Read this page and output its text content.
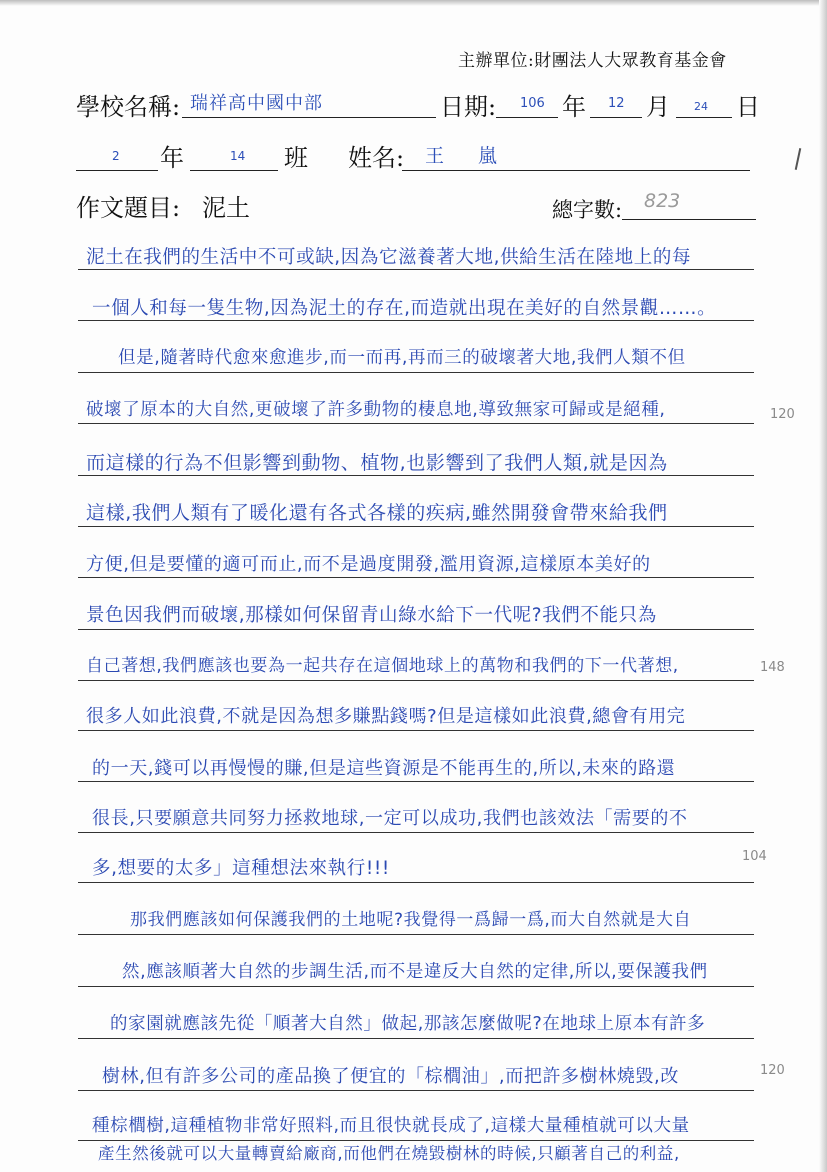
主辦單位:財團法人大眾教育基金會
學校名稱: 瑞祥高中國中部	日期: 106 年 12 月 24 日
2 年	14 班 姓名: 王 嵐
作文題目: 泥土	總字數: 823
泥土在我們的生活中不可或缺,因為它滋養著大地,供給生活在陸地上的每
一個人和每一隻生物,因為泥土的存在,而造就出現在美好的自然景觀……。
但是,隨著時代愈來愈進步,而一而再,再而三的破壞著大地,我們人類不但
破壞了原本的大自然,更破壞了許多動物的棲息地,導致無家可歸或是絕種,
而這樣的行為不但影響到動物、植物,也影響到了我們人類,就是因為
這樣,我們人類有了暖化還有各式各樣的疾病,雖然開發會帶來給我們
方便,但是要懂的適可而止,而不是過度開發,濫用資源,這樣原本美好的
景色因我們而破壞,那樣如何保留青山綠水給下一代呢?我們不能只為
自己著想,我們應該也要為一起共存在這個地球上的萬物和我們的下一代著想,
很多人如此浪費,不就是因為想多賺點錢嗎?但是這樣如此浪費,總會有用完
的一天,錢可以再慢慢的賺,但是這些資源是不能再生的,所以,未來的路還
很長,只要願意共同努力拯救地球,一定可以成功,我們也該效法「需要的不
多,想要的太多」這種想法來執行!!!
那我們應該如何保護我們的土地呢?我覺得一爲歸一爲,而大自然就是大自
然,應該順著大自然的步調生活,而不是違反大自然的定律,所以,要保護我們
的家園就應該先從「順著大自然」做起,那該怎麼做呢?在地球上原本有許多
樹林,但有許多公司的產品換了便宜的「棕櫚油」,而把許多樹林燒毀,改
種棕櫚樹,這種植物非常好照料,而且很快就長成了,這樣大量種植就可以大量
產生然後就可以大量轉賣給廠商,而他們在燒毀樹林的時候,只顧著自己的利益,
120
148
104
120
